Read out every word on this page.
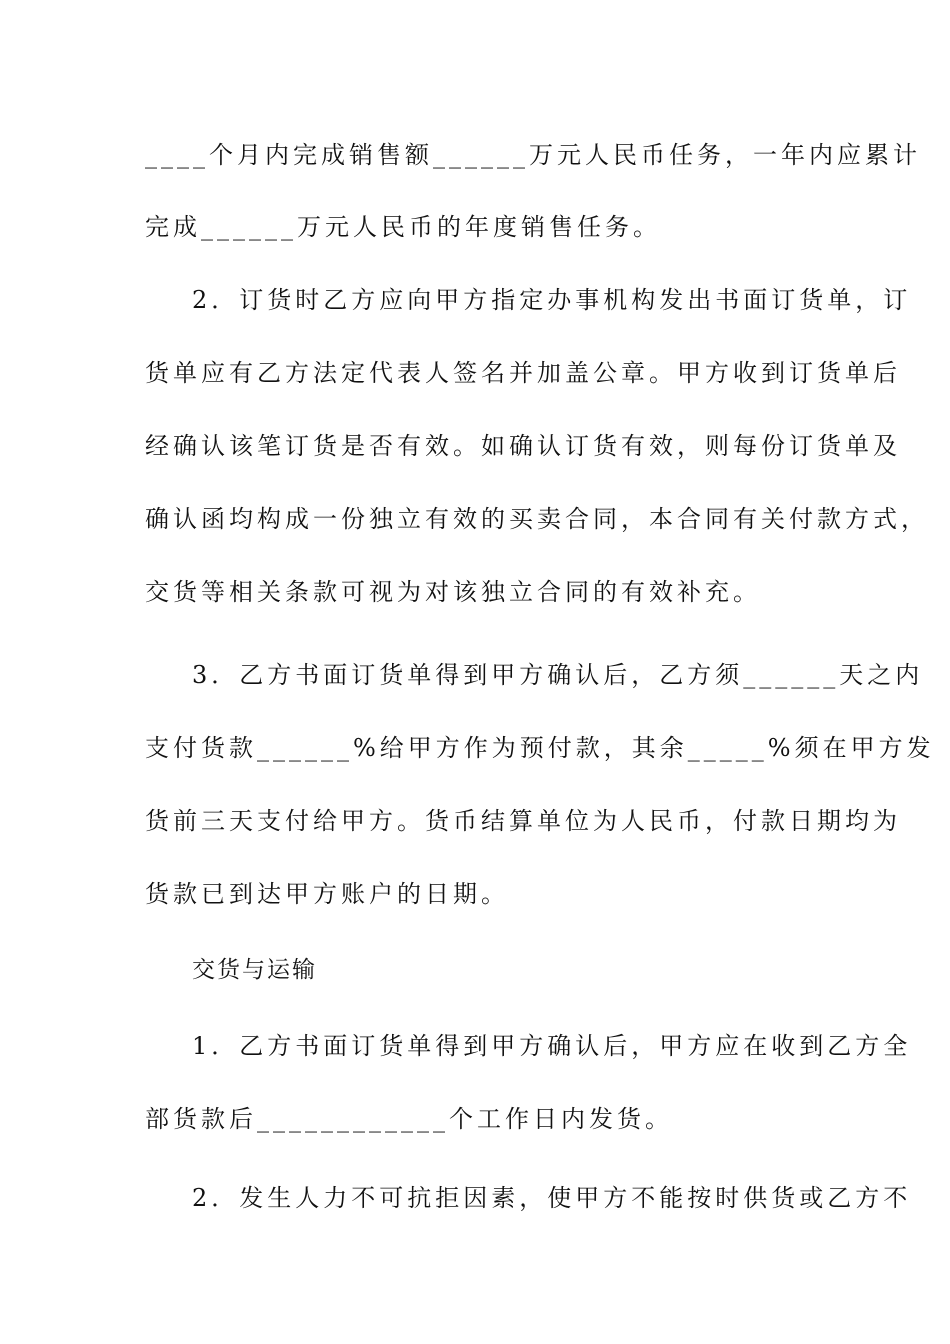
____个月内完成销售额______万元人民币任务，一年内应累计
完成______万元人民币的年度销售任务。
2．订货时乙方应向甲方指定办事机构发出书面订货单，订
货单应有乙方法定代表人签名并加盖公章。甲方收到订货单后
经确认该笔订货是否有效。如确认订货有效，则每份订货单及
确认函均构成一份独立有效的买卖合同，本合同有关付款方式，
交货等相关条款可视为对该独立合同的有效补充。
3．乙方书面订货单得到甲方确认后，乙方须______天之内
支付货款______%给甲方作为预付款，其余_____%须在甲方发
货前三天支付给甲方。货币结算单位为人民币，付款日期均为
货款已到达甲方账户的日期。
交货与运输
1．乙方书面订货单得到甲方确认后，甲方应在收到乙方全
部货款后____________个工作日内发货。
2．发生人力不可抗拒因素，使甲方不能按时供货或乙方不
